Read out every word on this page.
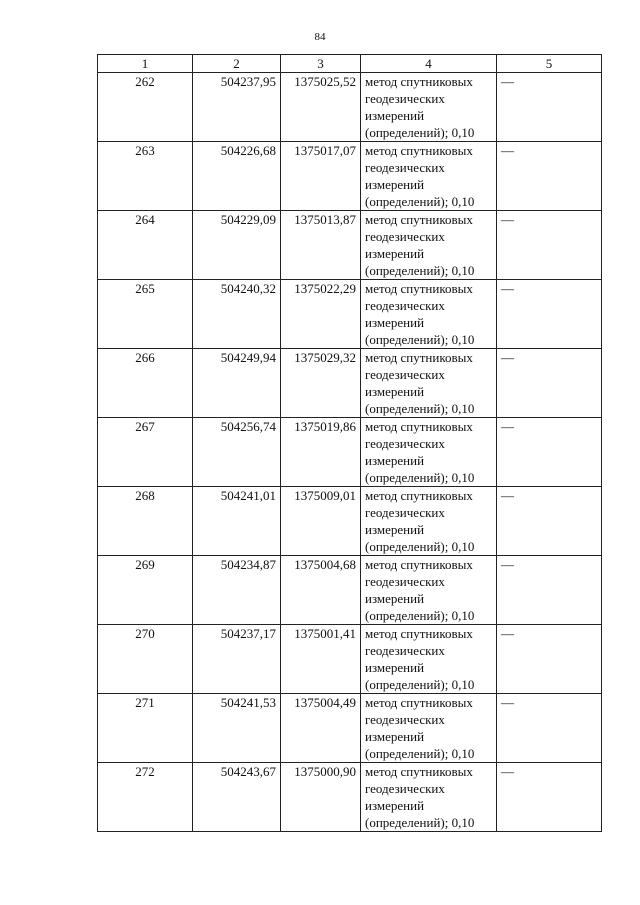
84
1	2	3	4	5
262	504237,95	1375025,52	метод спутниковых
геодезических
измерений
(определений); 0,10	—
263	504226,68	1375017,07	метод спутниковых
геодезических
измерений
(определений); 0,10	—
264	504229,09	1375013,87	метод спутниковых
геодезических
измерений
(определений); 0,10	—
265	504240,32	1375022,29	метод спутниковых
геодезических
измерений
(определений); 0,10	—
266	504249,94	1375029,32	метод спутниковых
геодезических
измерений
(определений); 0,10	—
267	504256,74	1375019,86	метод спутниковых
геодезических
измерений
(определений); 0,10	—
268	504241,01	1375009,01	метод спутниковых
геодезических
измерений
(определений); 0,10	—
269	504234,87	1375004,68	метод спутниковых
геодезических
измерений
(определений); 0,10	—
270	504237,17	1375001,41	метод спутниковых
геодезических
измерений
(определений); 0,10	—
271	504241,53	1375004,49	метод спутниковых
геодезических
измерений
(определений); 0,10	—
272	504243,67	1375000,90	метод спутниковых
геодезических
измерений
(определений); 0,10	—
